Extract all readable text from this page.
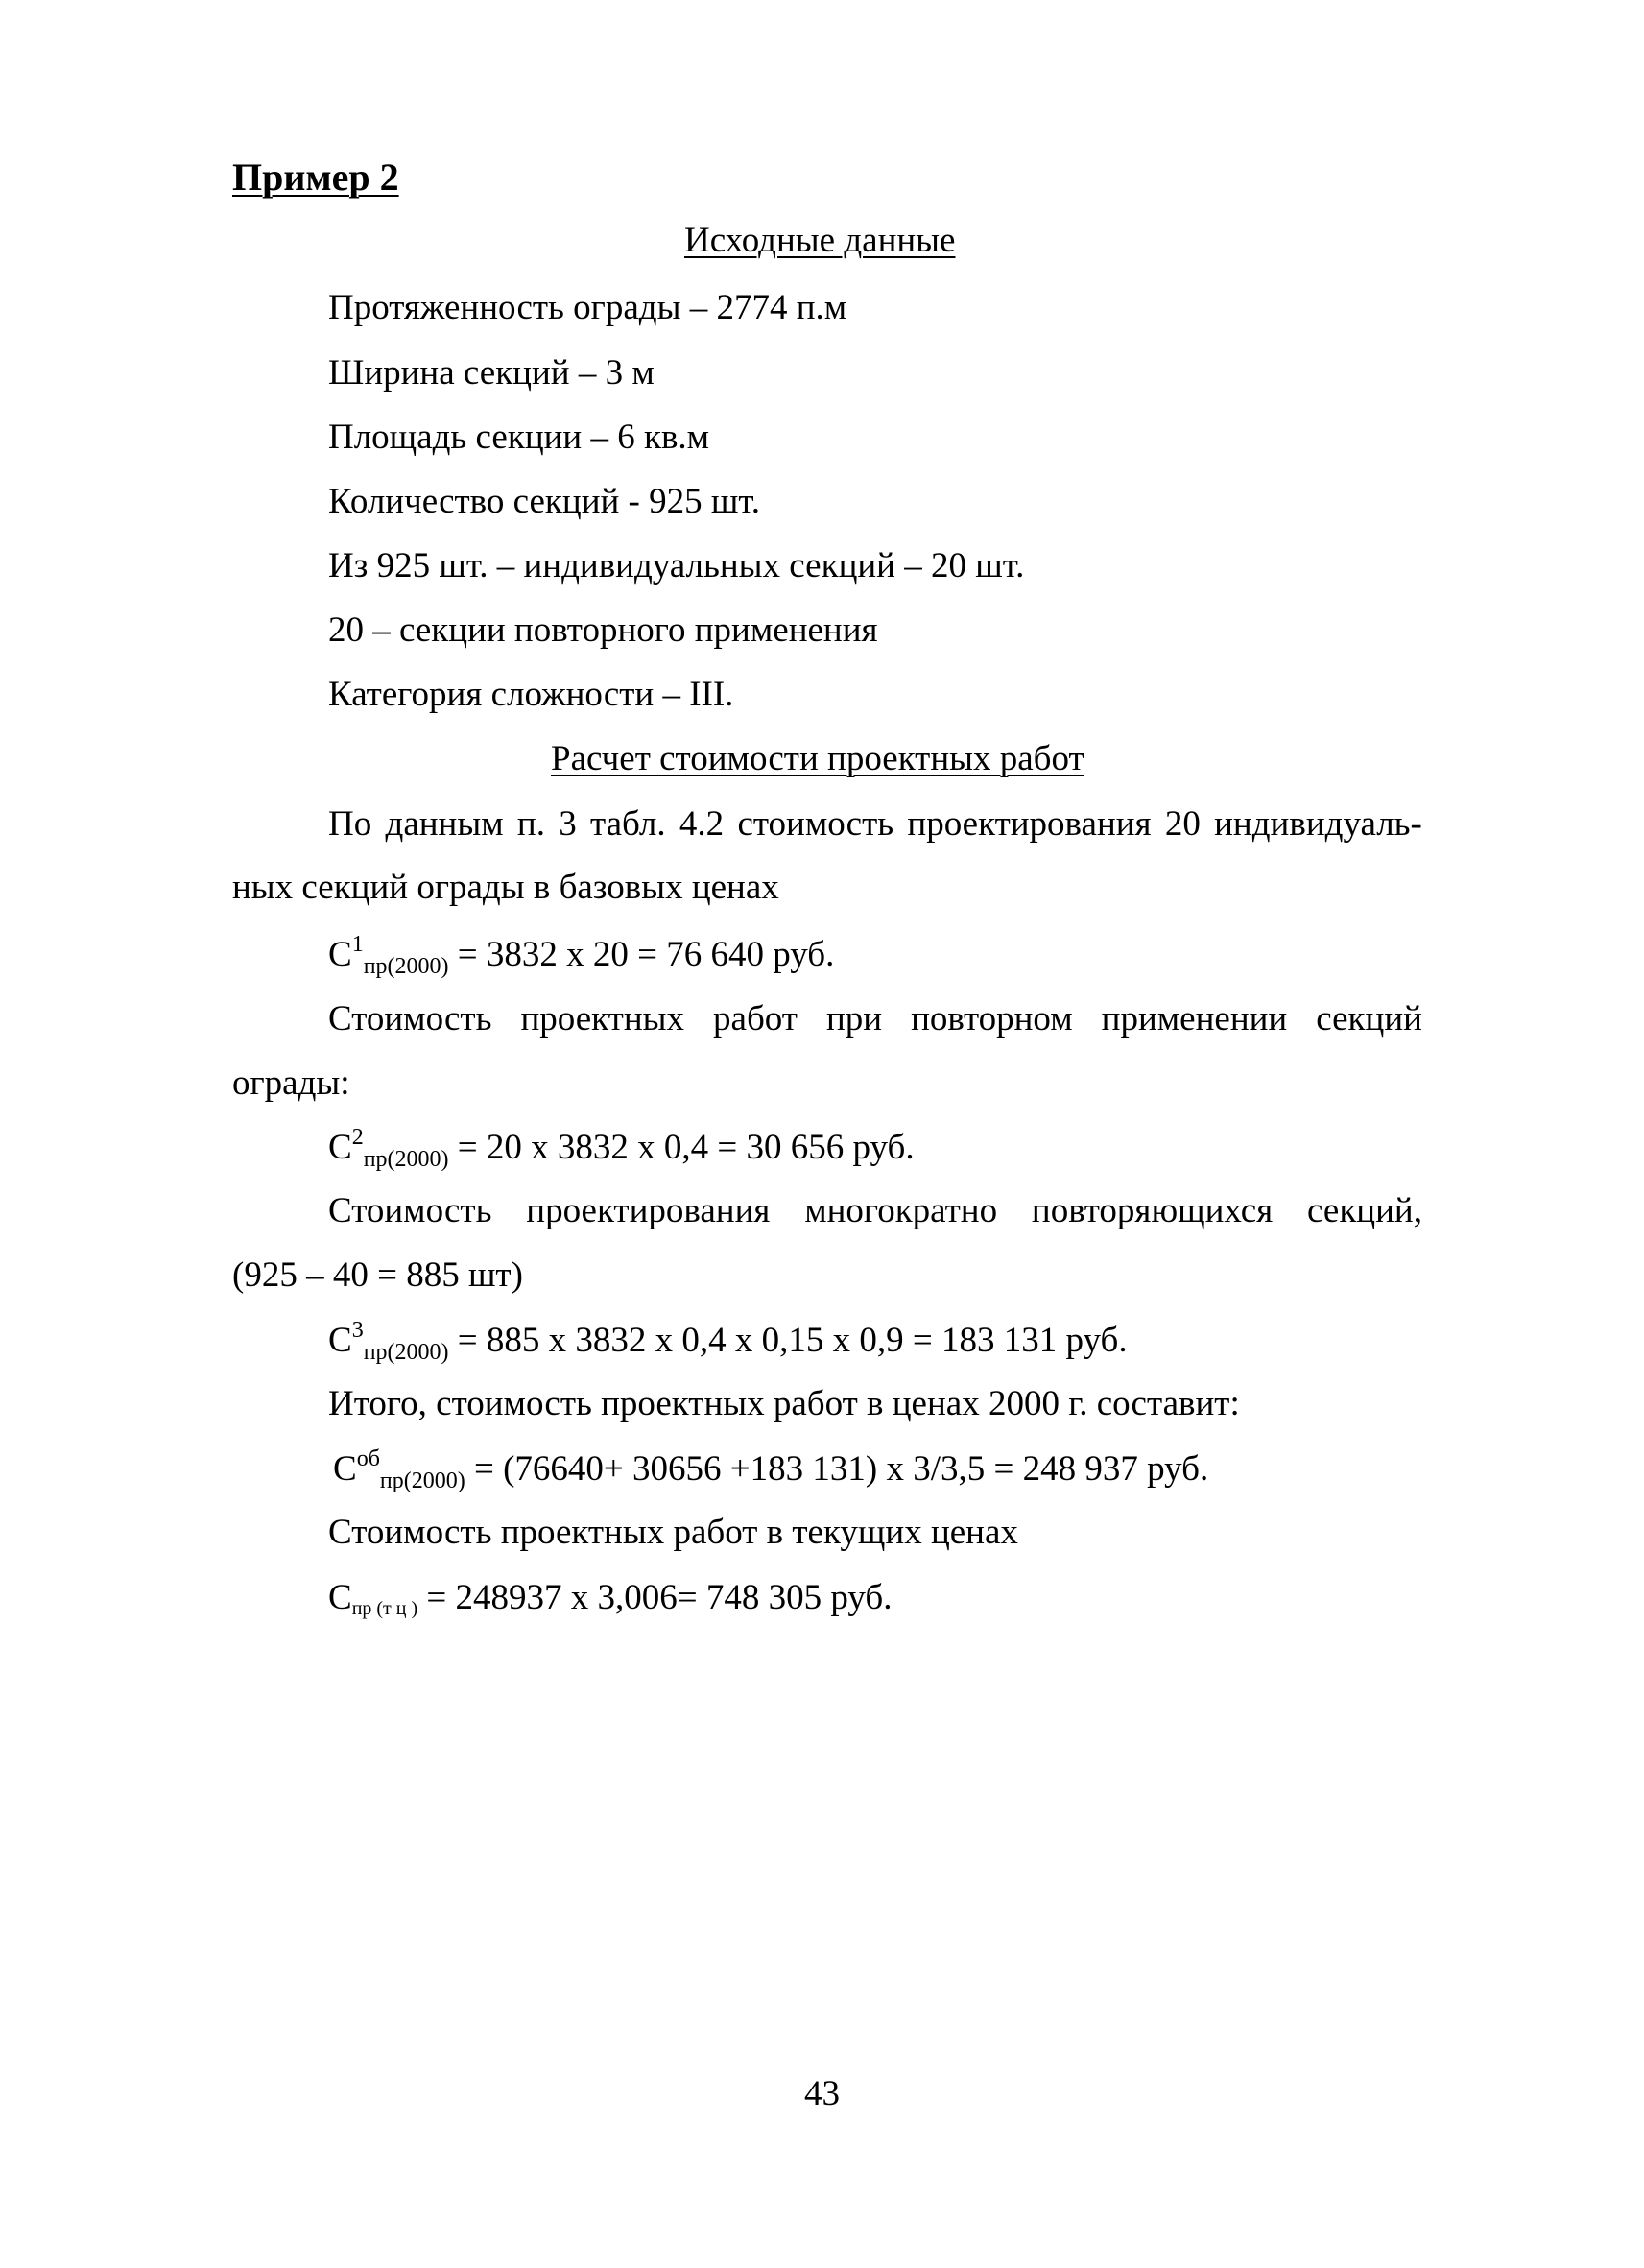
Пример 2
Исходные данные
Протяженность ограды – 2774 п.м
Ширина секций – 3 м
Площадь секции – 6 кв.м
Количество секций - 925 шт.
Из 925 шт. – индивидуальных секций – 20 шт.
20 – секции повторного применения
Категория сложности – III.
Расчет стоимости проектных работ
По данным п. 3 табл. 4.2 стоимость проектирования 20 индивидуаль-
ных секций ограды в базовых ценах
$С^1_{пр(2000)} = 3832$ х 20 = 76 640 руб.
Стоимость проектных работ при повторном применении секций
ограды:
$С^2_{пр(2000)} = 20$ х 3832 х 0,4 = 30 656 руб.
Стоимость проектирования многократно повторяющихся секций,
(925 – 40 = 885 шт)
$С^3_{пр(2000)} = 885$ х 3832 х 0,4 х 0,15 х 0,9 = 183 131 руб.
Итого, стоимость проектных работ в ценах 2000 г. составит:
$С^{об}_{пр(2000)} = (76640+ 30656 +183$ 131) х 3/3,5 = 248 937 руб.
Стоимость проектных работ в текущих ценах
Спр (т ц ) = 248937 х 3,006= 748 305 руб.
43
